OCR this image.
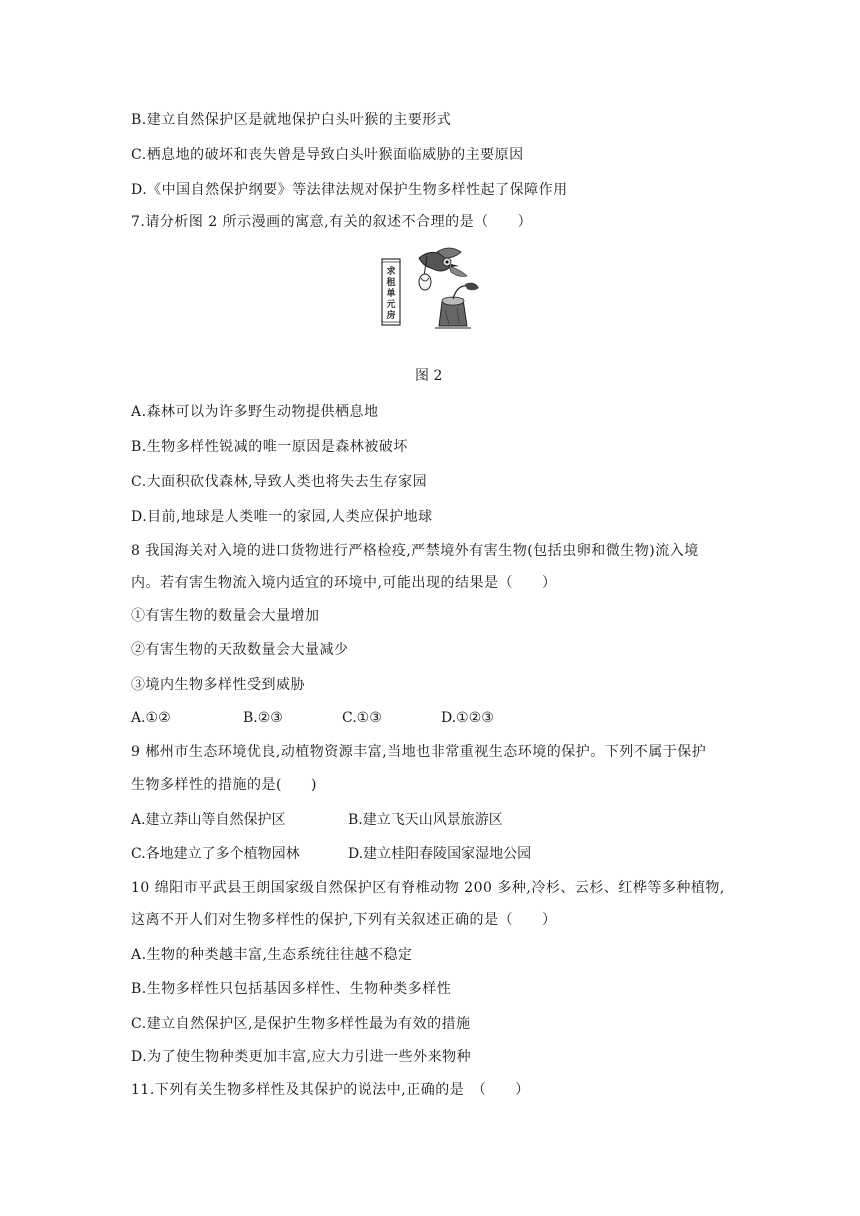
B.建立自然保护区是就地保护白头叶猴的主要形式
C.栖息地的破坏和丧失曾是导致白头叶猴面临威胁的主要原因
D.《中国自然保护纲要》等法律法规对保护生物多样性起了保障作用
7.请分析图 2 所示漫画的寓意,有关的叙述不合理的是（　　）
求
租
单
元
房
图 2
A.森林可以为许多野生动物提供栖息地
B.生物多样性锐减的唯一原因是森林被破坏
C.大面积砍伐森林,导致人类也将失去生存家园
D.目前,地球是人类唯一的家园,人类应保护地球
8 我国海关对入境的进口货物进行严格检疫,严禁境外有害生物(包括虫卵和微生物)流入境
内。若有害生物流入境内适宜的环境中,可能出现的结果是（　　）
①有害生物的数量会大量增加
②有害生物的天敌数量会大量减少
③境内生物多样性受到威胁
A.①②	B.②③	C.①③	D.①②③
9 郴州市生态环境优良,动植物资源丰富,当地也非常重视生态环境的保护。下列不属于保护
生物多样性的措施的是(　　)
A.建立莽山等自然保护区	B.建立飞天山风景旅游区
C.各地建立了多个植物园林	D.建立桂阳春陵国家湿地公园
10 绵阳市平武县王朗国家级自然保护区有脊椎动物 200 多种,冷杉、云杉、红桦等多种植物,
这离不开人们对生物多样性的保护,下列有关叙述正确的是（　　）
A.生物的种类越丰富,生态系统往往越不稳定
B.生物多样性只包括基因多样性、生物种类多样性
C.建立自然保护区,是保护生物多样性最为有效的措施
D.为了使生物种类更加丰富,应大力引进一些外来物种
11.下列有关生物多样性及其保护的说法中,正确的是　（　　）
